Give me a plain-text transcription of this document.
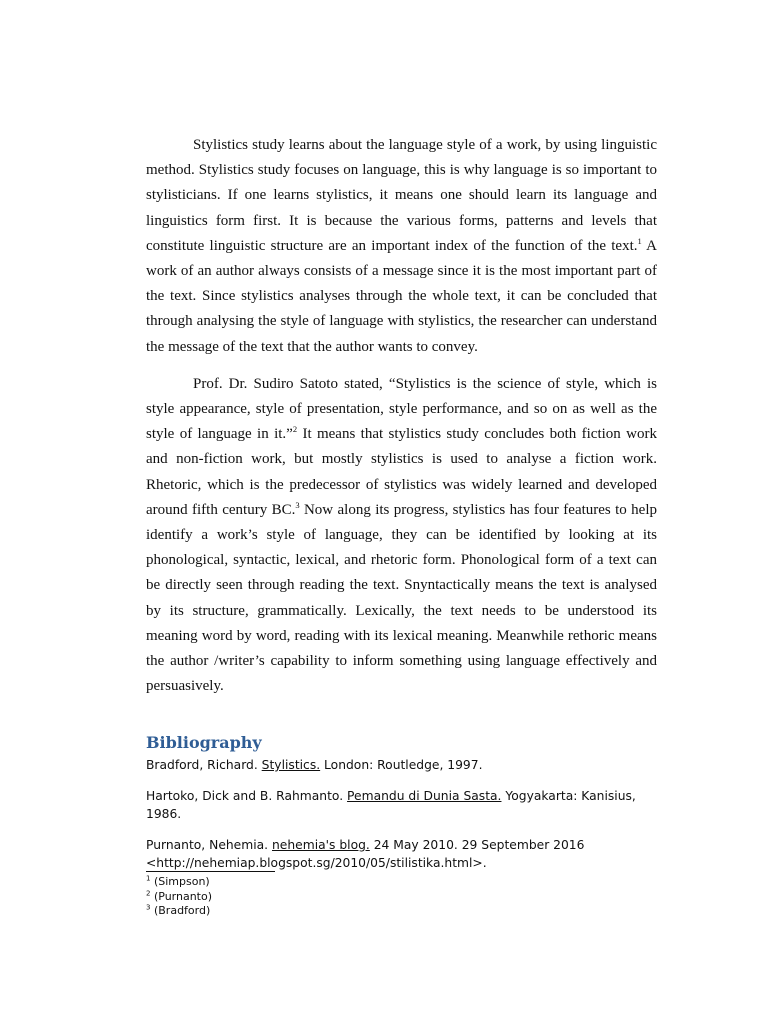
Stylistics study learns about the language style of a work, by using linguistic method. Stylistics study focuses on language, this is why language is so important to stylisticians. If one learns stylistics, it means one should learn its language and linguistics form first. It is because the various forms, patterns and levels that constitute linguistic structure are an important index of the function of the text.$^1$ A work of an author always consists of a message since it is the most important part of the text. Since stylistics analyses through the whole text, it can be concluded that through analysing the style of language with stylistics, the researcher can understand the message of the text that the author wants to convey.

Prof. Dr. Sudiro Satoto stated, “Stylistics is the science of style, which is style appearance, style of presentation, style performance, and so on as well as the style of language in it.”$^2$ It means that stylistics study concludes both fiction work and non-fiction work, but mostly stylistics is used to analyse a fiction work. Rhetoric, which is the predecessor of stylistics was widely learned and developed around fifth century BC.$^3$ Now along its progress, stylistics has four features to help identify a work’s style of language, they can be identified by looking at its phonological, syntactic, lexical, and rhetoric form. Phonological form of a text can be directly seen through reading the text. Snyntactically means the text is analysed by its structure, grammatically. Lexically, the text needs to be understood its meaning word by word, reading with its lexical meaning. Meanwhile rethoric means the author /writer’s capability to inform something using language effectively and persuasively.

Bibliography

Bradford, Richard. Stylistics. London: Routledge, 1997.

Hartoko, Dick and B. Rahmanto. Pemandu di Dunia Sasta. Yogyakarta: Kanisius, 1986.

Purnanto, Nehemia. nehemia's blog. 24 May 2010. 29 September 2016 <http://nehemiap.blogspot.sg/2010/05/stilistika.html>.

$^1$ (Simpson)
$^2$ (Purnanto)
$^3$ (Bradford)
